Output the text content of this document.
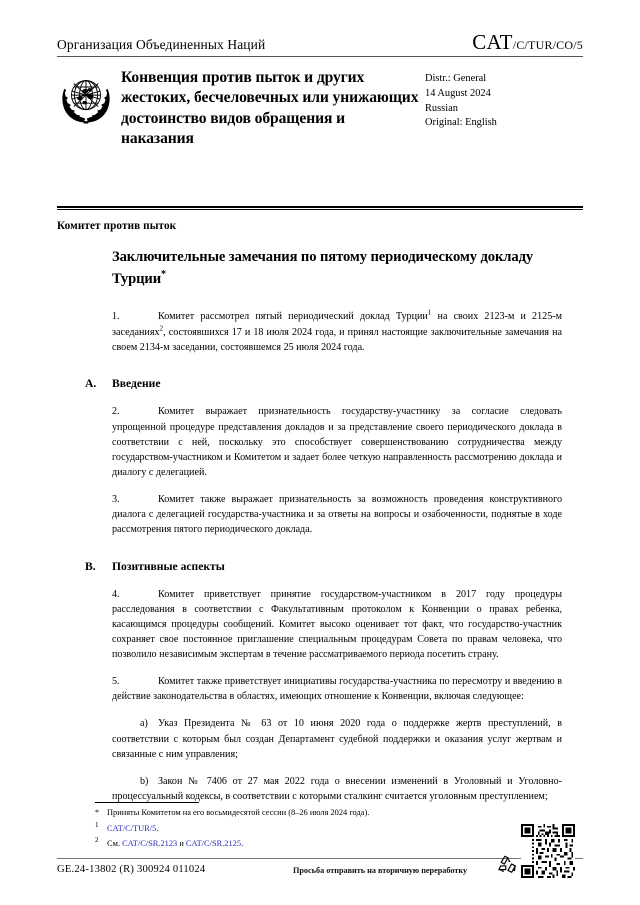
Организация Объединенных Наций	CAT/C/TUR/CO/5
Конвенция против пыток и других жестоких, бесчеловечных или унижающих достоинство видов обращения и наказания
Distr.: General
14 August 2024
Russian
Original: English
Комитет против пыток
Заключительные замечания по пятому периодическому докладу Турции*

1.	Комитет рассмотрел пятый периодический доклад Турции$^1$ на своих 2123-м и 2125-м заседаниях$^2$, состоявшихся 17 и 18 июля 2024 года, и принял настоящие заключительные замечания на своем 2134-м заседании, состоявшемся 25 июля 2024 года.

A. Введение

2.	Комитет выражает признательность государству-участнику за согласие следовать упрощенной процедуре представления докладов и за представление своего периодического доклада в соответствии с ней, поскольку это способствует совершенствованию сотрудничества между государством-участником и Комитетом и задает более четкую направленность рассмотрению доклада и диалогу с делегацией.

3.	Комитет также выражает признательность за возможность проведения конструктивного диалога с делегацией государства-участника и за ответы на вопросы и озабоченности, поднятые в ходе рассмотрения пятого периодического доклада.

B. Позитивные аспекты

4.	Комитет приветствует принятие государством-участником в 2017 году процедуры расследования в соответствии с Факультативным протоколом к Конвенции о правах ребенка, касающимся процедуры сообщений. Комитет высоко оценивает тот факт, что государство-участник сохраняет свое постоянное приглашение специальным процедурам Совета по правам человека, что позволило независимым экспертам в течение рассматриваемого периода посетить страну.

5.	Комитет также приветствует инициативы государства-участника по пересмотру и введению в действие законодательства в областях, имеющих отношение к Конвенции, включая следующее:

a) Указ Президента № 63 от 10 июня 2020 года о поддержке жертв преступлений, в соответствии с которым был создан Департамент судебной поддержки и оказания услуг жертвам и связанные с ним управления;

b) Закон № 7406 от 27 мая 2022 года о внесении изменений в Уголовный и Уголовно-процессуальный кодексы, в соответствии с которыми сталкинг считается уголовным преступлением;

* Приняты Комитетом на его восьмидесятой сессии (8–26 июля 2024 года).
1 CAT/C/TUR/5.
2 См. CAT/C/SR.2123 и CAT/C/SR.2125.
GE.24-13802 (R) 300924 011024	Просьба отправить на вторичную переработку
